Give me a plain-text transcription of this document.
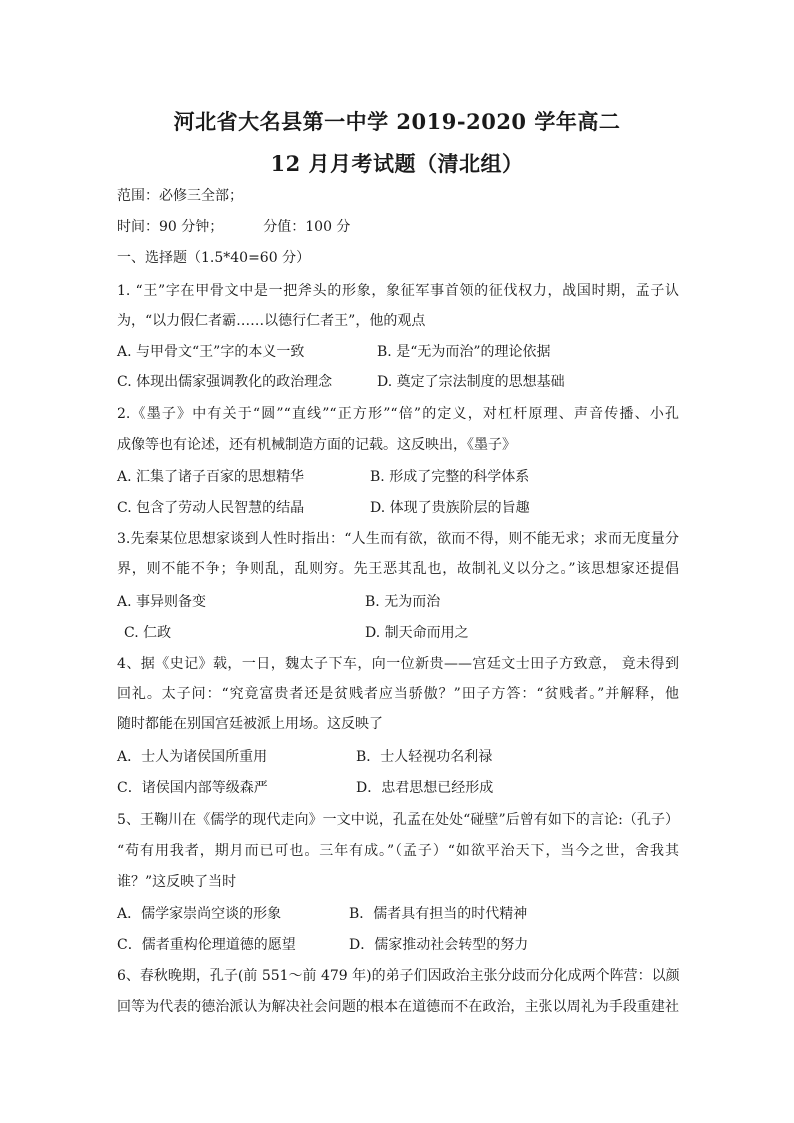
河北省大名县第一中学 2019-2020 学年高二
12 月月考试题（清北组）
范围：必修三全部；
时间：90 分钟；	分值：100 分
一、选择题（1.5*40=60 分）
1. “王”字在甲骨文中是一把斧头的形象，象征军事首领的征伐权力，战国时期，孟子认
为，“以力假仁者霸……以德行仁者王”，他的观点
A. 与甲骨文“王”字的本义一致	B. 是“无为而治”的理论依据
C. 体现出儒家强调教化的政治理念	D. 奠定了宗法制度的思想基础
2.《墨子》中有关于“圆”“直线”“正方形”“倍”的定义，对杠杆原理、声音传播、小孔
成像等也有论述，还有机械制造方面的记载。这反映出，《墨子》
A. 汇集了诸子百家的思想精华	B. 形成了完整的科学体系
C. 包含了劳动人民智慧的结晶	D. 体现了贵族阶层的旨趣
3.先秦某位思想家谈到人性时指出：“人生而有欲，欲而不得，则不能无求；求而无度量分
界，则不能不争；争则乱，乱则穷。先王恶其乱也，故制礼义以分之。”该思想家还提倡
A. 事异则备变	B. 无为而治
C. 仁政	D. 制天命而用之
4、据《史记》载，一日，魏太子下车，向一位新贵——宫廷文士田子方致意， 竟未得到
回礼。太子问：“究竟富贵者还是贫贱者应当骄傲？”田子方答：“贫贱者。”并解释，他
随时都能在别国宫廷被派上用场。这反映了
A．士人为诸侯国所重用	B．士人轻视功名利禄
C．诸侯国内部等级森严	D．忠君思想已经形成
5、王鞠川在《儒学的现代走向》一文中说，孔孟在处处“碰壁”后曾有如下的言论:（孔子）
“苟有用我者，期月而已可也。三年有成。”（孟子）“如欲平治天下，当今之世，舍我其
谁？”这反映了当时
A．儒学家崇尚空谈的形象	B．儒者具有担当的时代精神
C．儒者重构伦理道德的愿望	D．儒家推动社会转型的努力
6、春秋晚期，孔子(前 551～前 479 年)的弟子们因政治主张分歧而分化成两个阵营：以颜
回等为代表的德治派认为解决社会问题的根本在道德而不在政治，主张以周礼为手段重建社
